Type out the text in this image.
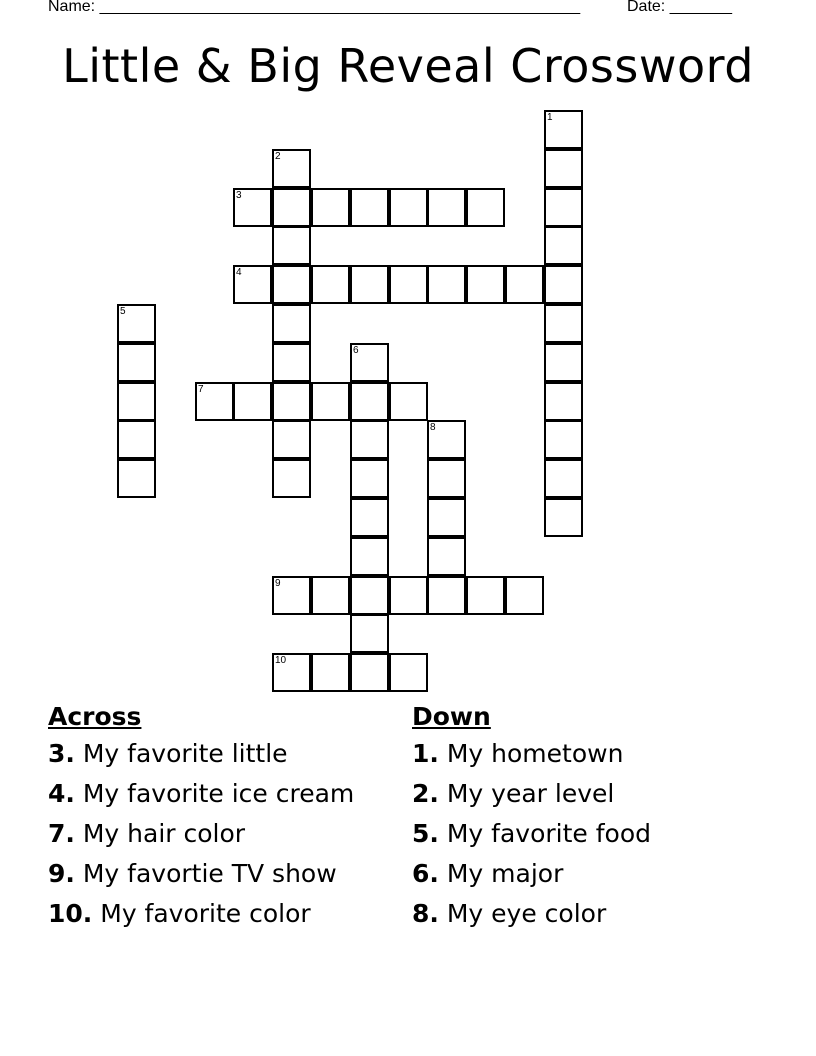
Name: ______________________________________________________	Date: _______
Little & Big Reveal Crossword
1
2
3
4
5
6
7
8
9
10
Across
3. My favorite little
4. My favorite ice cream
7. My hair color
9. My favortie TV show
10. My favorite color
Down
1. My hometown
2. My year level
5. My favorite food
6. My major
8. My eye color
